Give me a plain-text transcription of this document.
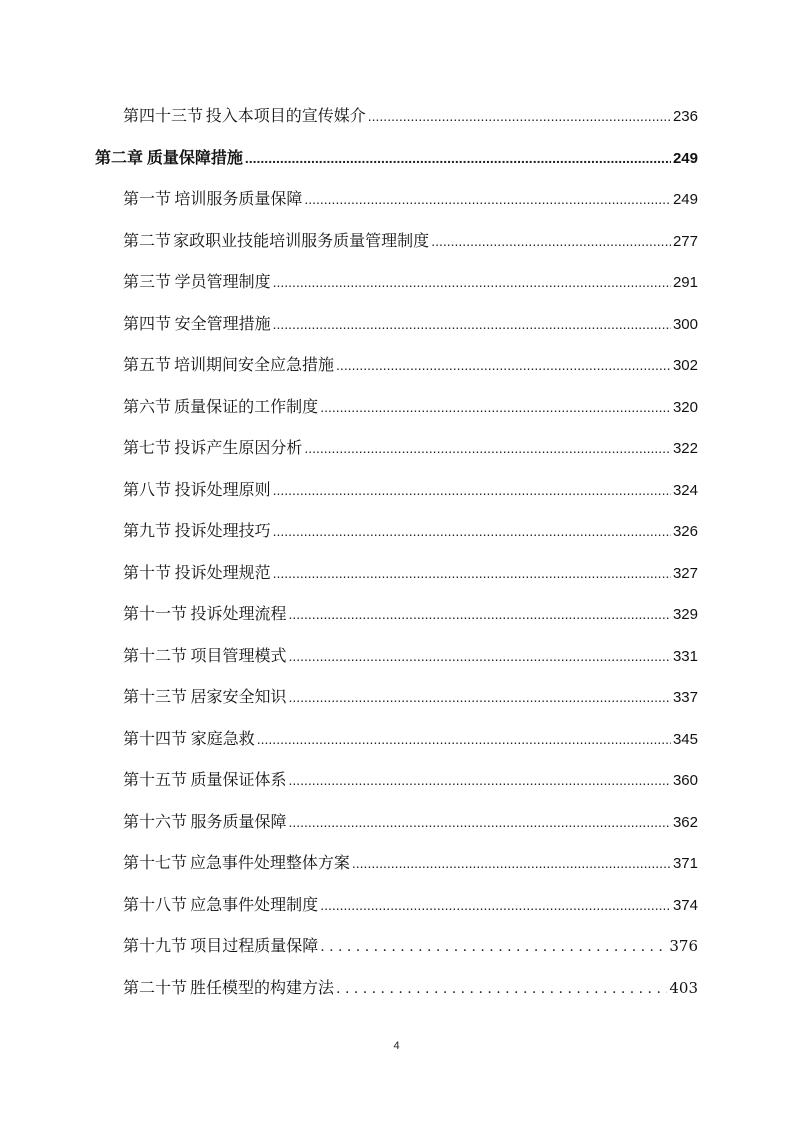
第四十三节 投入本项目的宣传媒介 .....	236
第二章 质量保障措施 .....	249
第一节 培训服务质量保障 .....	249
第二节 家政职业技能培训服务质量管理制度 .....	277
第三节 学员管理制度 .....	291
第四节 安全管理措施 .....	300
第五节 培训期间安全应急措施 .....	302
第六节 质量保证的工作制度 .....	320
第七节 投诉产生原因分析 .....	322
第八节 投诉处理原则 .....	324
第九节 投诉处理技巧 .....	326
第十节 投诉处理规范 .....	327
第十一节 投诉处理流程 .....	329
第十二节 项目管理模式 .....	331
第十三节 居家安全知识 .....	337
第十四节 家庭急救 .....	345
第十五节 质量保证体系 .....	360
第十六节 服务质量保障 .....	362
第十七节 应急事件处理整体方案 .....	371
第十八节 应急事件处理制度 .....	374
第十九节 项目过程质量保障 . . .	376
第二十节 胜任模型的构建方法 . . .	403
4
